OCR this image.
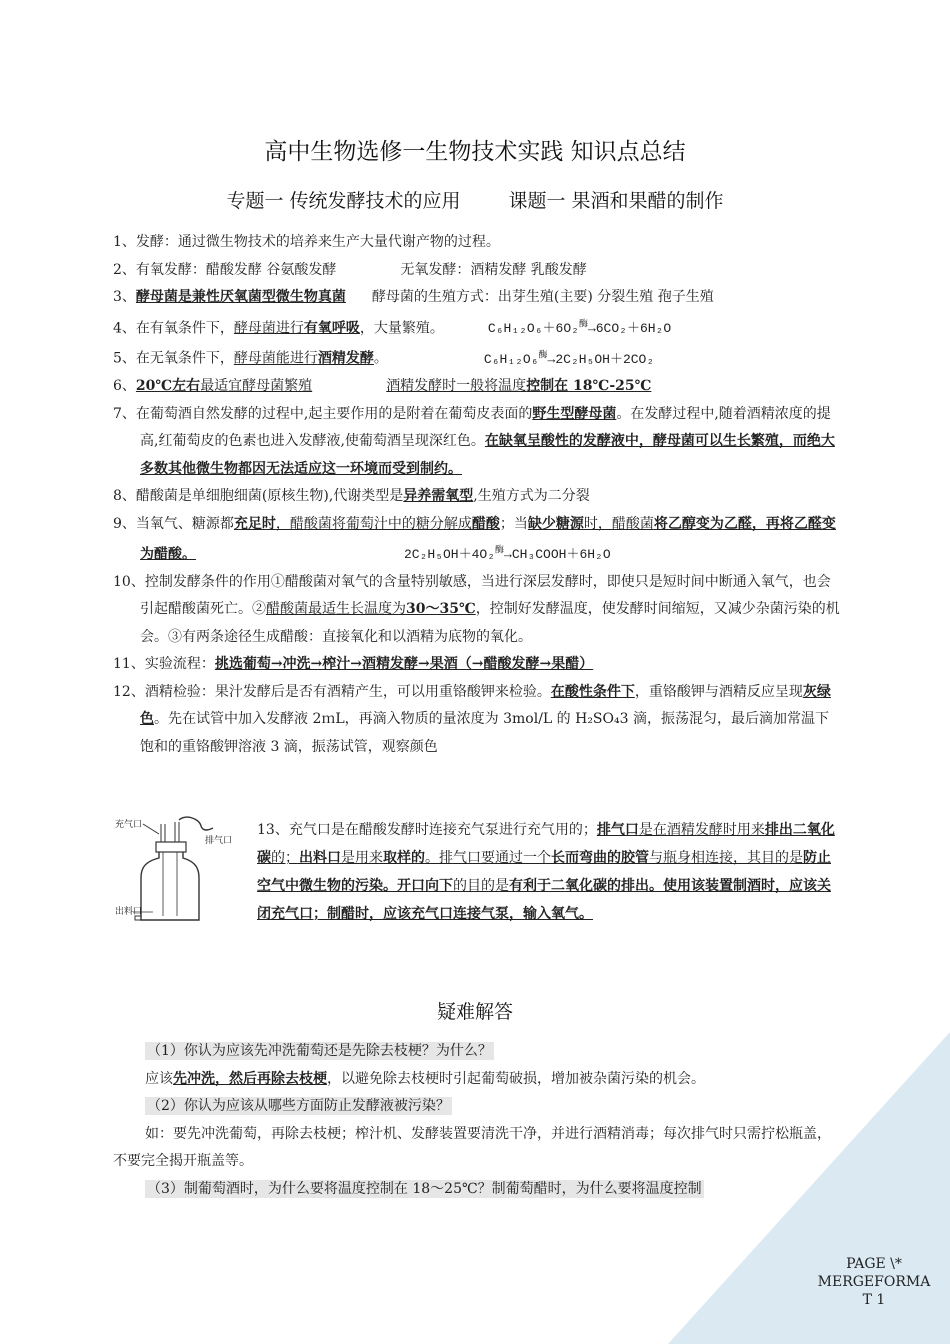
高中生物选修一生物技术实践 知识点总结
专题一 传统发酵技术的应用	课题一 果酒和果醋的制作
1、发酵：通过微生物技术的培养来生产大量代谢产物的过程。
2、有氧发酵：醋酸发酵 谷氨酸发酵	无氧发酵：酒精发酵 乳酸发酵
3、酵母菌是兼性厌氧菌型微生物真菌 酵母菌的生殖方式：出芽生殖(主要) 分裂生殖 孢子生殖
4、在有氧条件下，酵母菌进行有氧呼吸，大量繁殖。	C₆H₁₂O₆＋6O₂$^酶$→6CO₂＋6H₂O
5、在无氧条件下，酵母菌能进行酒精发酵。	C₆H₁₂O₆$^酶$→2C₂H₅OH＋2CO₂
6、20℃左右最适宜酵母菌繁殖	酒精发酵时一般将温度控制在 18℃-25℃
7、在葡萄酒自然发酵的过程中,起主要作用的是附着在葡萄皮表面的野生型酵母菌。在发酵过程中,随着酒精浓度的提高,红葡萄皮的色素也进入发酵液,使葡萄酒呈现深红色。在缺氧呈酸性的发酵液中，酵母菌可以生长繁殖，而绝大多数其他微生物都因无法适应这一环境而受到制约。
8、醋酸菌是单细胞细菌(原核生物),代谢类型是异养需氧型,生殖方式为二分裂
9、当氧气、糖源都充足时，醋酸菌将葡萄汁中的糖分解成醋酸；当缺少糖源时，醋酸菌将乙醇变为乙醛，再将乙醛变为醋酸。	2C₂H₅OH＋4O₂$^酶$→CH₃COOH＋6H₂O
10、控制发酵条件的作用①醋酸菌对氧气的含量特别敏感，当进行深层发酵时，即使只是短时间中断通入氧气，也会引起醋酸菌死亡。②醋酸菌最适生长温度为30～35℃，控制好发酵温度，使发酵时间缩短，又减少杂菌污染的机会。③有两条途径生成醋酸：直接氧化和以酒精为底物的氧化。
11、实验流程：挑选葡萄→冲洗→榨汁→酒精发酵→果酒（→醋酸发酵→果醋）
12、酒精检验：果汁发酵后是否有酒精产生，可以用重铬酸钾来检验。在酸性条件下，重铬酸钾与酒精反应呈现灰绿色。先在试管中加入发酵液 2ｍL，再滴入物质的量浓度为 3mol/L 的 H₂SO₄3 滴，振荡混匀，最后滴加常温下饱和的重铬酸钾溶液 3 滴，振荡试管，观察颜色
充气口
排气口
出料口
13、充气口是在醋酸发酵时连接充气泵进行充气用的；排气口是在酒精发酵时用来排出二氧化碳的；出料口是用来取样的。排气口要通过一个长而弯曲的胶管与瓶身相连接，其目的是防止空气中微生物的污染。开口向下的目的是有利于二氧化碳的排出。使用该装置制酒时，应该关闭充气口；制醋时，应该充气口连接气泵，输入氧气。
疑难解答
（1）你认为应该先冲洗葡萄还是先除去枝梗？为什么？
应该先冲洗，然后再除去枝梗，以避免除去枝梗时引起葡萄破损，增加被杂菌污染的机会。
（2）你认为应该从哪些方面防止发酵液被污染？
如：要先冲洗葡萄，再除去枝梗；榨汁机、发酵装置要清洗干净，并进行酒精消毒；每次排气时只需拧松瓶盖，不要完全揭开瓶盖等。
（3）制葡萄酒时，为什么要将温度控制在 18～25℃？制葡萄醋时，为什么要将温度控制
PAGE \*
MERGEFORMA
T 1
